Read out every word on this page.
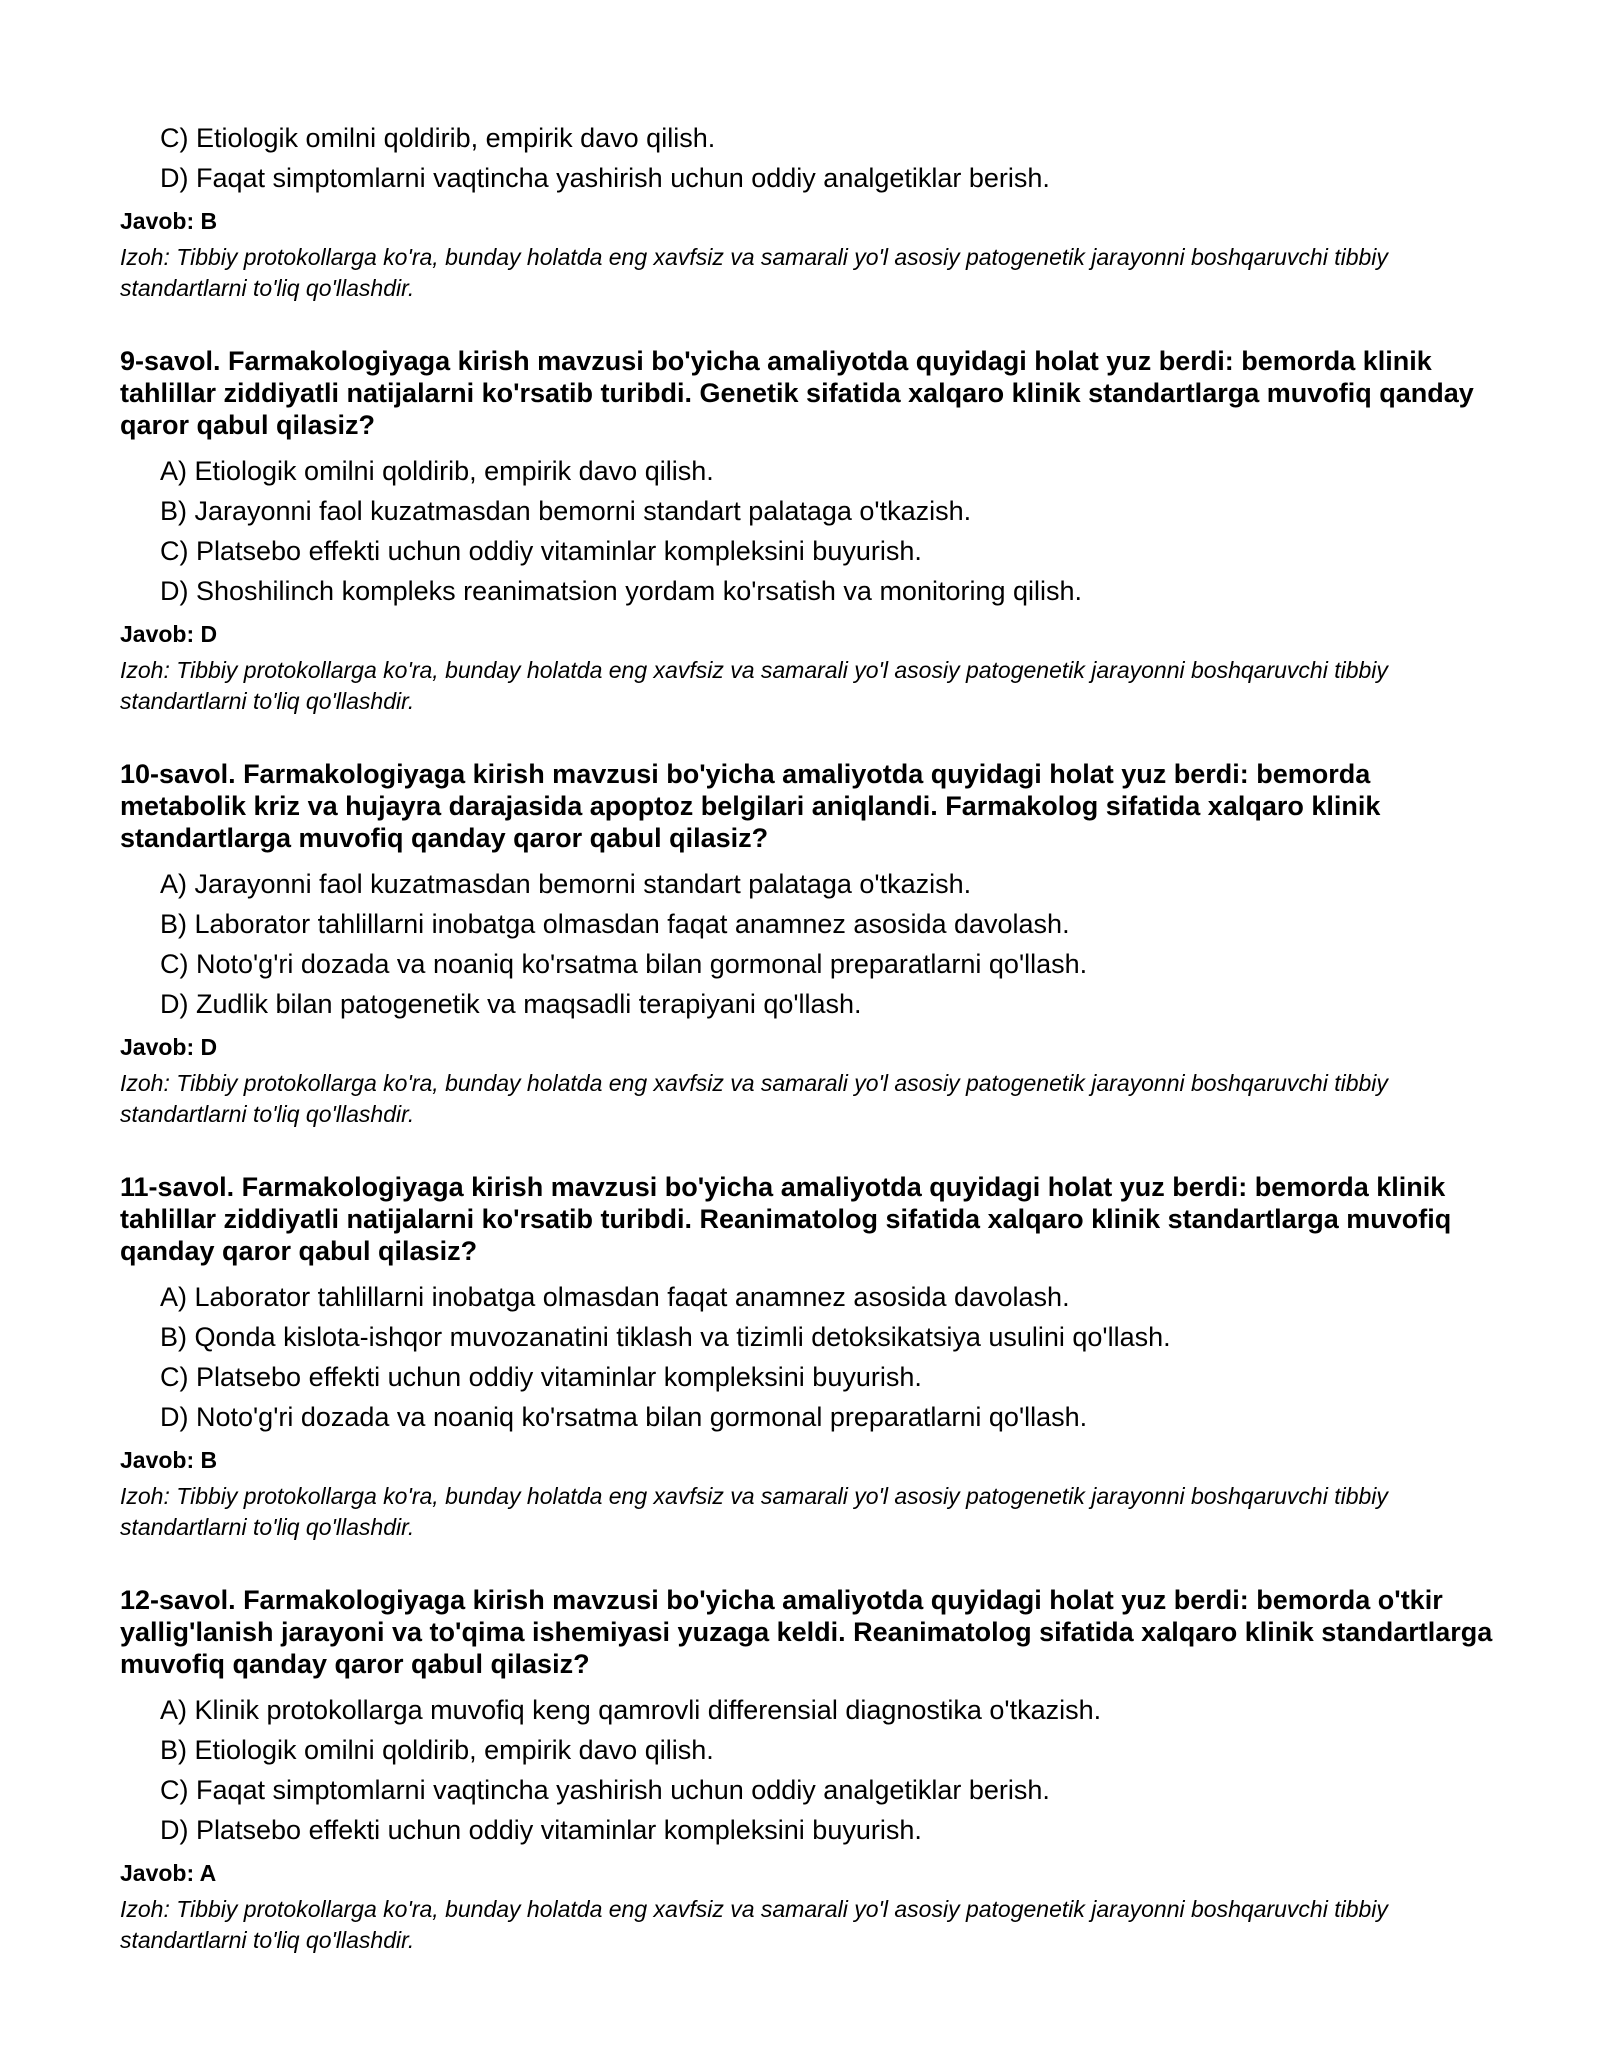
C) Etiologik omilni qoldirib, empirik davo qilish.
D) Faqat simptomlarni vaqtincha yashirish uchun oddiy analgetiklar berish.
Javob: B
Izoh: Tibbiy protokollarga ko'ra, bunday holatda eng xavfsiz va samarali yo'l asosiy patogenetik jarayonni boshqaruvchi tibbiy standartlarni to'liq qo'llashdir.
9-savol. Farmakologiyaga kirish mavzusi bo'yicha amaliyotda quyidagi holat yuz berdi: bemorda klinik tahlillar ziddiyatli natijalarni ko'rsatib turibdi. Genetik sifatida xalqaro klinik standartlarga muvofiq qanday qaror qabul qilasiz?
A) Etiologik omilni qoldirib, empirik davo qilish.
B) Jarayonni faol kuzatmasdan bemorni standart palataga o'tkazish.
C) Platsebo effekti uchun oddiy vitaminlar kompleksini buyurish.
D) Shoshilinch kompleks reanimatsion yordam ko'rsatish va monitoring qilish.
Javob: D
Izoh: Tibbiy protokollarga ko'ra, bunday holatda eng xavfsiz va samarali yo'l asosiy patogenetik jarayonni boshqaruvchi tibbiy standartlarni to'liq qo'llashdir.
10-savol. Farmakologiyaga kirish mavzusi bo'yicha amaliyotda quyidagi holat yuz berdi: bemorda metabolik kriz va hujayra darajasida apoptoz belgilari aniqlandi. Farmakolog sifatida xalqaro klinik standartlarga muvofiq qanday qaror qabul qilasiz?
A) Jarayonni faol kuzatmasdan bemorni standart palataga o'tkazish.
B) Laborator tahlillarni inobatga olmasdan faqat anamnez asosida davolash.
C) Noto'g'ri dozada va noaniq ko'rsatma bilan gormonal preparatlarni qo'llash.
D) Zudlik bilan patogenetik va maqsadli terapiyani qo'llash.
Javob: D
Izoh: Tibbiy protokollarga ko'ra, bunday holatda eng xavfsiz va samarali yo'l asosiy patogenetik jarayonni boshqaruvchi tibbiy standartlarni to'liq qo'llashdir.
11-savol. Farmakologiyaga kirish mavzusi bo'yicha amaliyotda quyidagi holat yuz berdi: bemorda klinik tahlillar ziddiyatli natijalarni ko'rsatib turibdi. Reanimatolog sifatida xalqaro klinik standartlarga muvofiq qanday qaror qabul qilasiz?
A) Laborator tahlillarni inobatga olmasdan faqat anamnez asosida davolash.
B) Qonda kislota-ishqor muvozanatini tiklash va tizimli detoksikatsiya usulini qo'llash.
C) Platsebo effekti uchun oddiy vitaminlar kompleksini buyurish.
D) Noto'g'ri dozada va noaniq ko'rsatma bilan gormonal preparatlarni qo'llash.
Javob: B
Izoh: Tibbiy protokollarga ko'ra, bunday holatda eng xavfsiz va samarali yo'l asosiy patogenetik jarayonni boshqaruvchi tibbiy standartlarni to'liq qo'llashdir.
12-savol. Farmakologiyaga kirish mavzusi bo'yicha amaliyotda quyidagi holat yuz berdi: bemorda o'tkir yallig'lanish jarayoni va to'qima ishemiyasi yuzaga keldi. Reanimatolog sifatida xalqaro klinik standartlarga muvofiq qanday qaror qabul qilasiz?
A) Klinik protokollarga muvofiq keng qamrovli differensial diagnostika o'tkazish.
B) Etiologik omilni qoldirib, empirik davo qilish.
C) Faqat simptomlarni vaqtincha yashirish uchun oddiy analgetiklar berish.
D) Platsebo effekti uchun oddiy vitaminlar kompleksini buyurish.
Javob: A
Izoh: Tibbiy protokollarga ko'ra, bunday holatda eng xavfsiz va samarali yo'l asosiy patogenetik jarayonni boshqaruvchi tibbiy standartlarni to'liq qo'llashdir.
